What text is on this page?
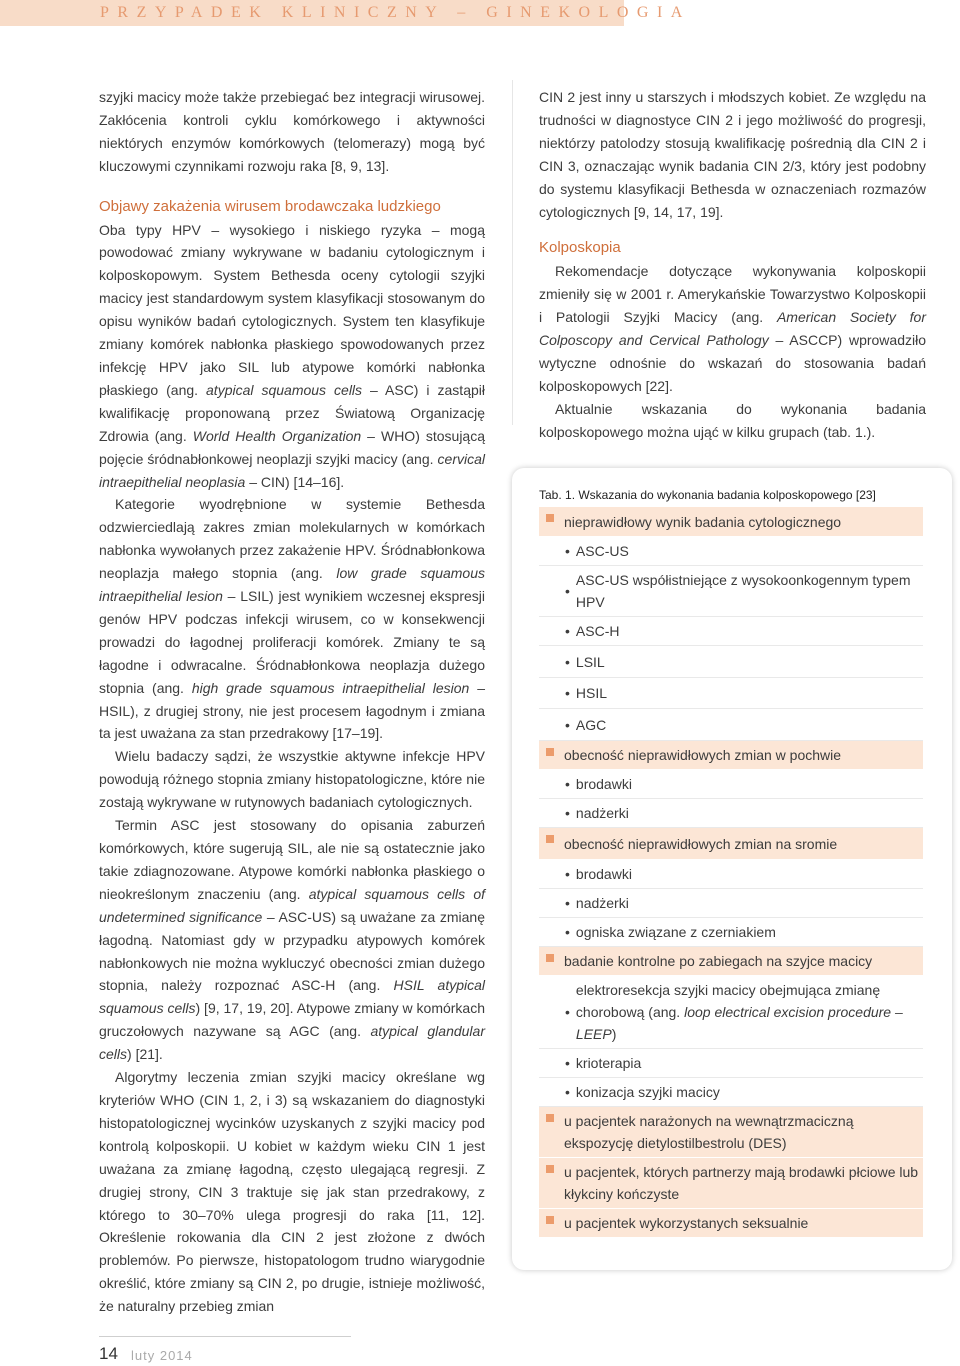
PRZYPADEK KLINICZNY – GINEKOLOGIA

szyjki macicy może także przebiegać bez integracji wirusowej. Zakłócenia kontroli cyklu komórkowego i aktywności niektórych enzymów komórkowych (telomerazy) mogą być kluczowymi czynnikami rozwoju raka [8, 9, 13].

Objawy zakażenia wirusem brodawczaka ludzkiego

Oba typy HPV – wysokiego i niskiego ryzyka – mogą powodować zmiany wykrywane w badaniu cytologicznym i kolposkopowym. System Bethesda oceny cytologii szyjki macicy jest standardowym system klasyfikacji stosowanym do opisu wyników badań cytologicznych. System ten klasyfikuje zmiany komórek nabłonka płaskiego spowodowanych przez infekcję HPV jako SIL lub atypowe komórki nabłonka płaskiego (ang. atypical squamous cells – ASC) i zastąpił kwalifikację proponowaną przez Światową Organizację Zdrowia (ang. World Health Organization – WHO) stosującą pojęcie śródnabłonkowej neoplazji szyjki macicy (ang. cervical intraepithelial neoplasia – CIN) [14–16].

Kategorie wyodrębnione w systemie Bethesda odzwierciedlają zakres zmian molekularnych w komórkach nabłonka wywołanych przez zakażenie HPV. Śródnabłonkowa neoplazja małego stopnia (ang. low grade squamous intraepithelial lesion – LSIL) jest wynikiem wczesnej ekspresji genów HPV podczas infekcji wirusem, co w konsekwencji prowadzi do łagodnej proliferacji komórek. Zmiany te są łagodne i odwracalne. Śródnabłonkowa neoplazja dużego stopnia (ang. high grade squamous intraepithelial lesion – HSIL), z drugiej strony, nie jest procesem łagodnym i zmiana ta jest uważana za stan przedrakowy [17–19].

Wielu badaczy sądzi, że wszystkie aktywne infekcje HPV powodują różnego stopnia zmiany histopatologiczne, które nie zostają wykrywane w rutynowych badaniach cytologicznych.

Termin ASC jest stosowany do opisania zaburzeń komórkowych, które sugerują SIL, ale nie są ostatecznie jako takie zdiagnozowane. Atypowe komórki nabłonka płaskiego o nieokreślonym znaczeniu (ang. atypical squamous cells of undetermined significance – ASC-US) są uważane za zmianę łagodną. Natomiast gdy w przypadku atypowych komórek nabłonkowych nie można wykluczyć obecności zmian dużego stopnia, należy rozpoznać ASC-H (ang. HSIL atypical squamous cells) [9, 17, 19, 20]. Atypowe zmiany w komórkach gruczołowych nazywane są AGC (ang. atypical glandular cells) [21].

Algorytmy leczenia zmian szyjki macicy określane wg kryteriów WHO (CIN 1, 2, i 3) są wskazaniem do diagnostyki histopatologicznej wycinków uzyskanych z szyjki macicy pod kontrolą kolposkopii. U kobiet w każdym wieku CIN 1 jest uważana za zmianę łagodną, często ulegającą regresji. Z drugiej strony, CIN 3 traktuje się jak stan przedrakowy, z którego to 30–70% ulega progresji do raka [11, 12]. Określenie rokowania dla CIN 2 jest złożone z dwóch problemów. Po pierwsze, histopatologom trudno wiarygodnie określić, które zmiany są CIN 2, po drugie, istnieje możliwość, że naturalny przebieg zmian

CIN 2 jest inny u starszych i młodszych kobiet. Ze względu na trudności w diagnostyce CIN 2 i jego możliwość do progresji, niektórzy patolodzy stosują kwalifikację pośrednią dla CIN 2 i CIN 3, oznaczając wynik badania CIN 2/3, który jest podobny do systemu klasyfikacji Bethesda w oznaczeniach rozmazów cytologicznych [9, 14, 17, 19].

Kolposkopia

Rekomendacje dotyczące wykonywania kolposkopii zmieniły się w 2001 r. Amerykańskie Towarzystwo Kolposkopii i Patologii Szyjki Macicy (ang. American Society for Colposcopy and Cervical Pathology – ASCCP) wprowadziło wytyczne odnośnie do wskazań do stosowania badań kolposkopowych [22].

Aktualnie wskazania do wykonania badania kolposkopowego można ująć w kilku grupach (tab. 1.).

Tab. 1. Wskazania do wykonania badania kolposkopowego [23]
nieprawidłowy wynik badania cytologicznego
• ASC-US
•
ASC-US współistniejące z wysokoonkogennym typem HPV
• ASC-H
• LSIL
• HSIL
• AGC
obecność nieprawidłowych zmian w pochwie
• brodawki
• nadżerki
obecność nieprawidłowych zmian na sromie
• brodawki
• nadżerki
• ogniska związane z czerniakiem
badanie kontrolne po zabiegach na szyjce macicy
•
elektroresekcja szyjki macicy obejmująca zmianę chorobową (ang. loop electrical excision procedure – LEEP)
• krioterapia
• konizacja szyjki macicy
u pacjentek narażonych na wewnątrzmaciczną ekspozycję dietylostilbestrolu (DES)
u pacjentek, których partnerzy mają brodawki płciowe lub kłykciny kończyste
u pacjentek wykorzystanych seksualnie
14 luty 2014
